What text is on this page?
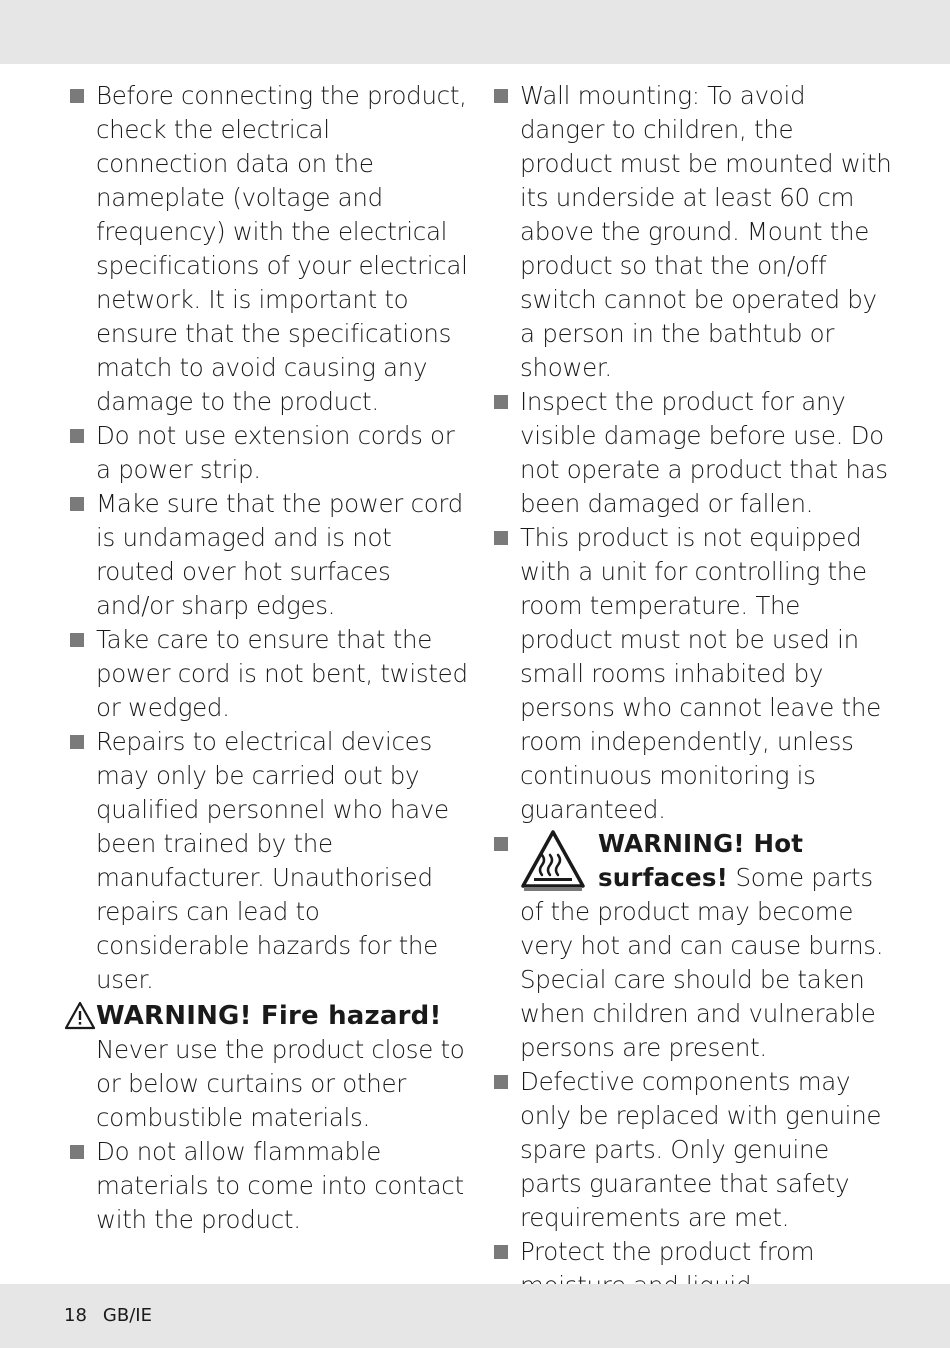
Before connecting the product, check the electrical connection data on the nameplate (voltage and frequency) with the electrical specifications of your electrical network. It is important to ensure that the specifications match to avoid causing any damage to the product.
Do not use extension cords or a power strip.
Make sure that the power cord is undamaged and is not routed over hot surfaces and/or sharp edges.
Take care to ensure that the power cord is not bent, twisted or wedged.
Repairs to electrical devices may only be carried out by qualified personnel who have been trained by the manufacturer. Unauthorised repairs can lead to considerable hazards for the user.
WARNING! Fire hazard!
Never use the product close to or below curtains or other combustible materials.
Do not allow flammable materials to come into contact with the product.
Wall mounting: To avoid danger to children, the product must be mounted with its underside at least 60 cm above the ground. Mount the product so that the on/off switch cannot be operated by a person in the bathtub or shower.
Inspect the product for any visible damage before use. Do not operate a product that has been damaged or fallen.
This product is not equipped with a unit for controlling the room temperature. The product must not be used in small rooms inhabited by persons who cannot leave the room independently, unless continuous monitoring is guaranteed.
WARNING! Hot surfaces! Some parts of the product may become very hot and can cause burns. Special care should be taken when children and vulnerable persons are present.
Defective components may only be replaced with genuine spare parts. Only genuine parts guarantee that safety requirements are met.
Protect the product from
18 GB/IE
